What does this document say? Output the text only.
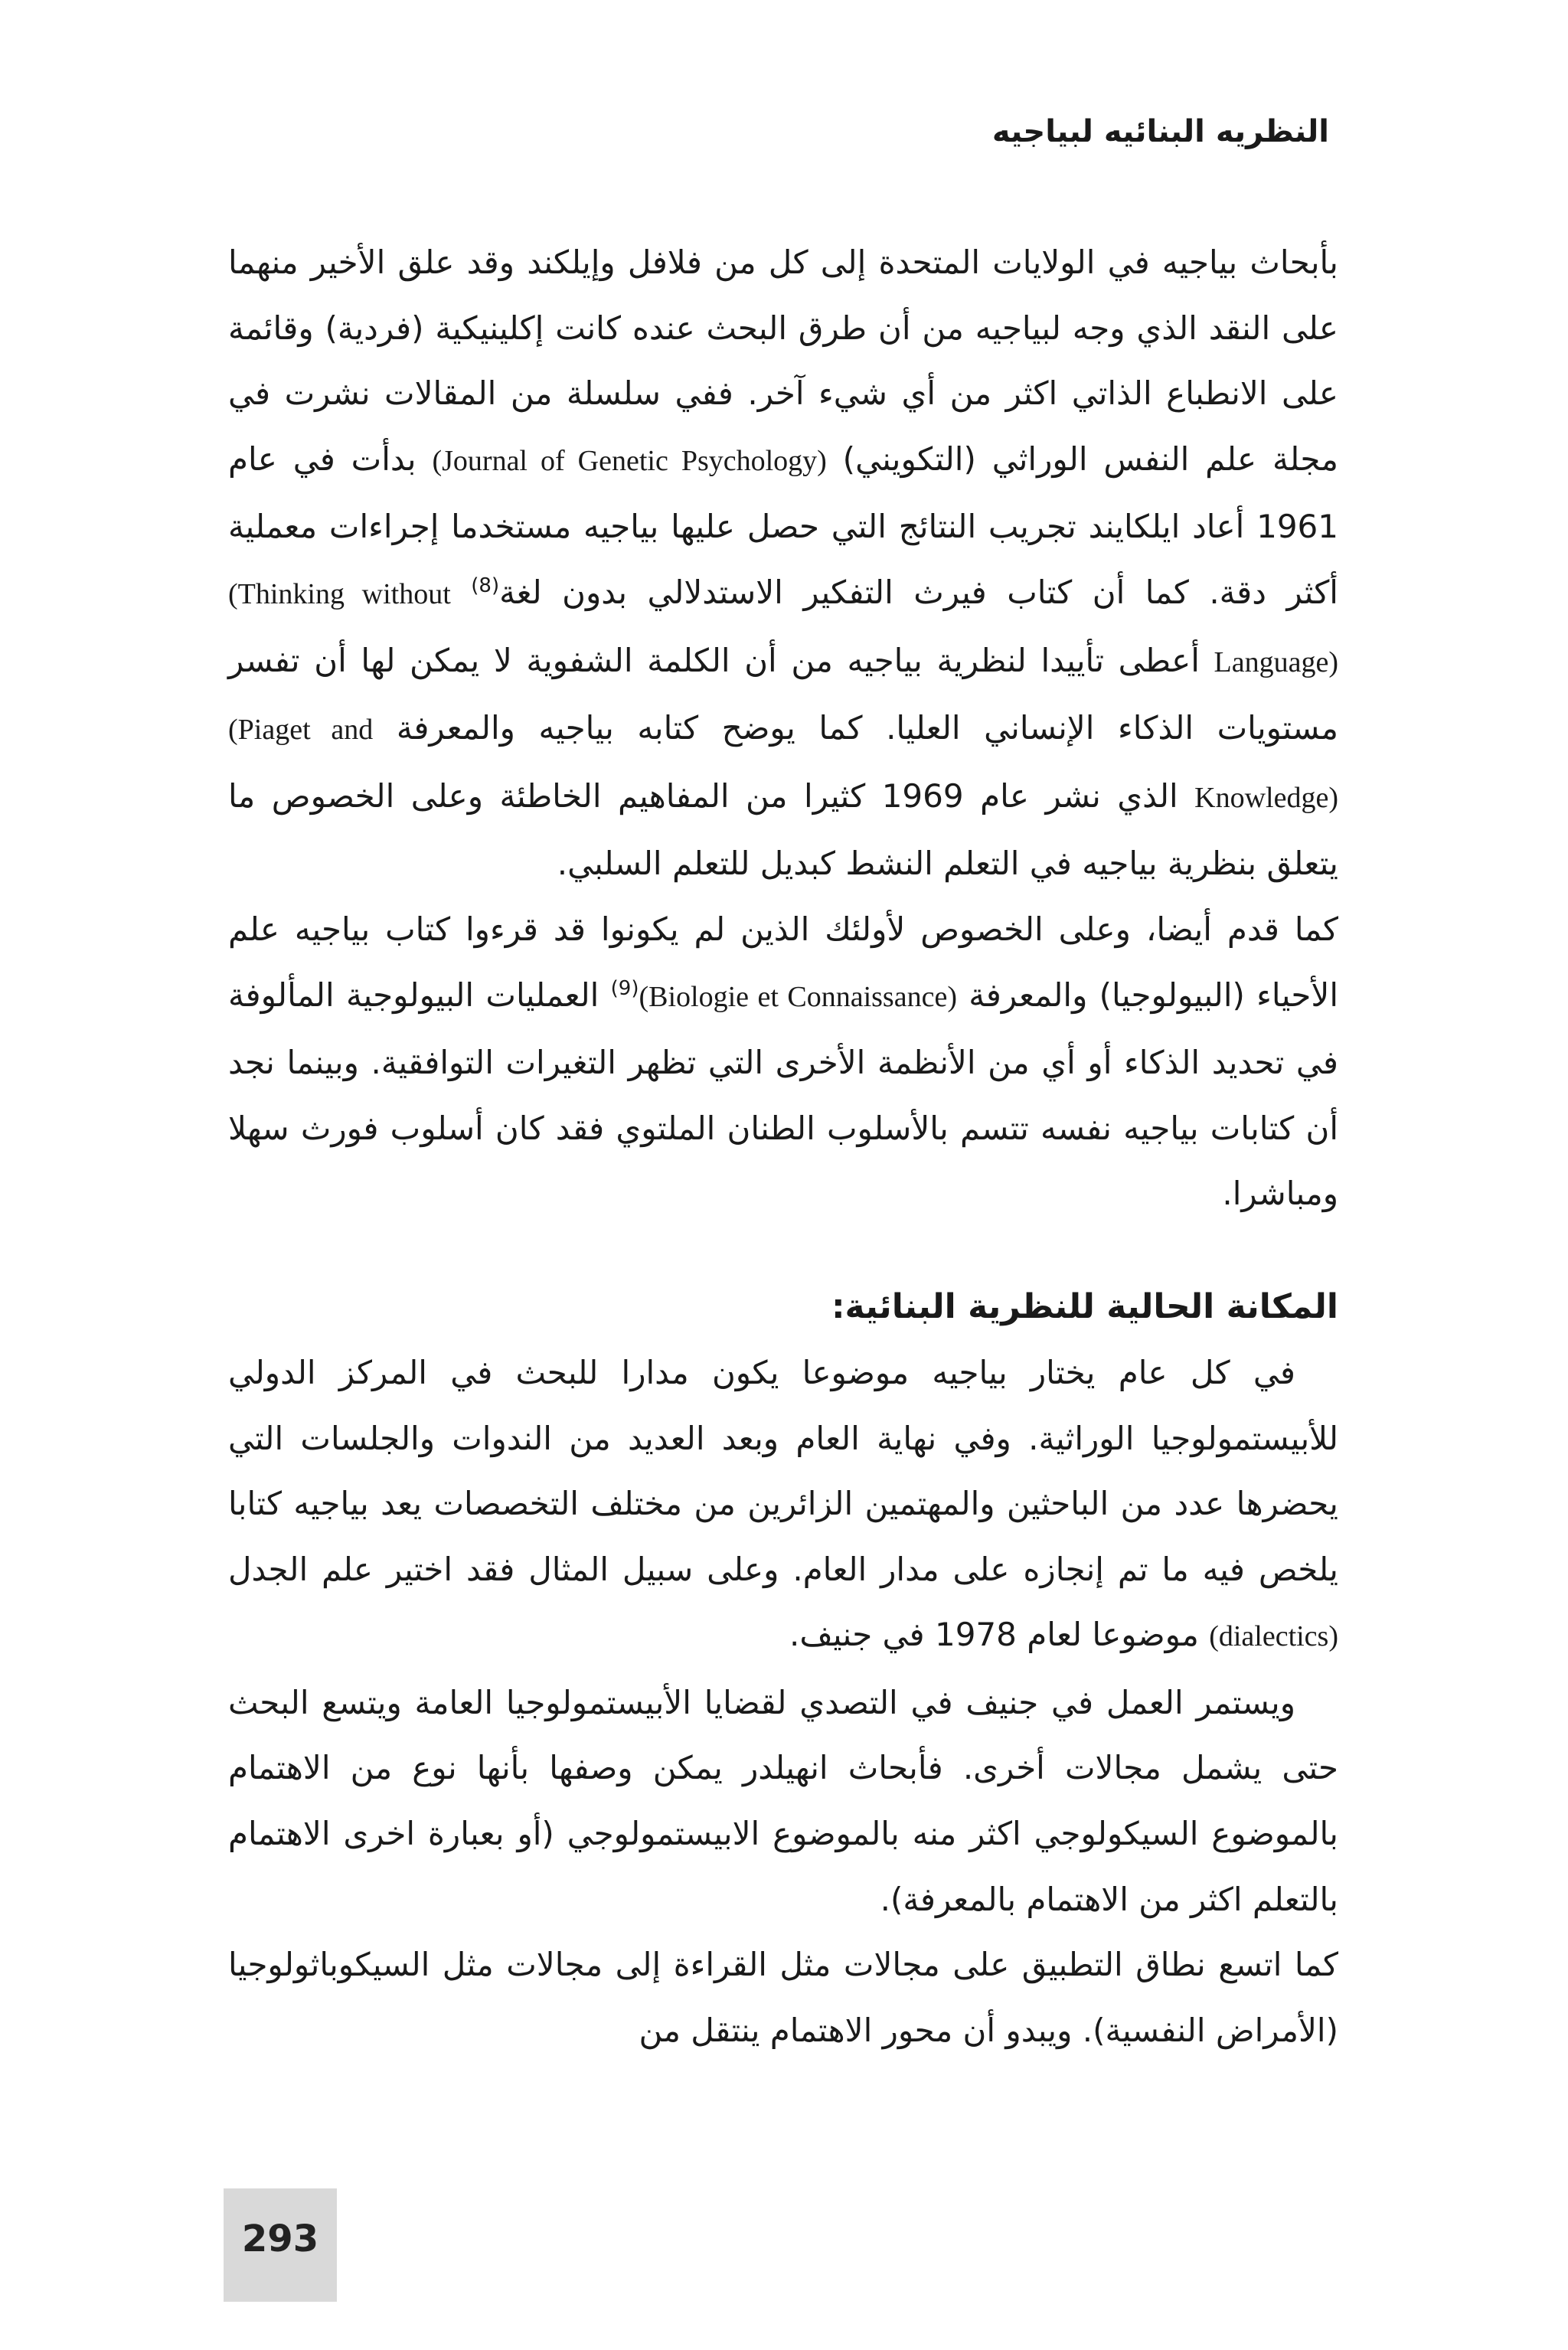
النظريه البنائيه لبياجيه

بأبحاث بياجيه في الولايات المتحدة إلى كل من فلافل وإيلكند وقد علق الأخير منهما على النقد الذي وجه لبياجيه من أن طرق البحث عنده كانت إكلينيكية (فردية) وقائمة على الانطباع الذاتي اكثر من أي شيء آخر. ففي سلسلة من المقالات نشرت في مجلة علم النفس الوراثي (التكويني) (Journal of Genetic Psychology) بدأت في عام 1961 أعاد ايلكايند تجريب النتائج التي حصل عليها بياجيه مستخدما إجراءات معملية أكثر دقة. كما أن كتاب فيرث التفكير الاستدلالي بدون لغة$^{(8)}$ (Thinking without Language) أعطى تأييدا لنظرية بياجيه من أن الكلمة الشفوية لا يمكن لها أن تفسر مستويات الذكاء الإنساني العليا. كما يوضح كتابه بياجيه والمعرفة (Piaget and Knowledge) الذي نشر عام 1969 كثيرا من المفاهيم الخاطئة وعلى الخصوص ما يتعلق بنظرية بياجيه في التعلم النشط كبديل للتعلم السلبي.

كما قدم أيضا، وعلى الخصوص لأولئك الذين لم يكونوا قد قرءوا كتاب بياجيه علم الأحياء (البيولوجيا) والمعرفة (Biologie et Connaissance)$^{(9)}$ العمليات البيولوجية المألوفة في تحديد الذكاء أو أي من الأنظمة الأخرى التي تظهر التغيرات التوافقية. وبينما نجد أن كتابات بياجيه نفسه تتسم بالأسلوب الطنان الملتوي فقد كان أسلوب فورث سهلا ومباشرا.

المكانة الحالية للنظرية البنائية:

في كل عام يختار بياجيه موضوعا يكون مدارا للبحث في المركز الدولي للأبيستمولوجيا الوراثية. وفي نهاية العام وبعد العديد من الندوات والجلسات التي يحضرها عدد من الباحثين والمهتمين الزائرين من مختلف التخصصات يعد بياجيه كتابا يلخص فيه ما تم إنجازه على مدار العام. وعلى سبيل المثال فقد اختير علم الجدل (dialectics) موضوعا لعام 1978 في جنيف.

ويستمر العمل في جنيف في التصدي لقضايا الأبيستمولوجيا العامة ويتسع البحث حتى يشمل مجالات أخرى. فأبحاث انهيلدر يمكن وصفها بأنها نوع من الاهتمام بالموضوع السيكولوجي اكثر منه بالموضوع الابيستمولوجي (أو بعبارة اخرى الاهتمام بالتعلم اكثر من الاهتمام بالمعرفة).

كما اتسع نطاق التطبيق على مجالات مثل القراءة إلى مجالات مثل السيكوباثولوجيا (الأمراض النفسية). ويبدو أن محور الاهتمام ينتقل من

293
